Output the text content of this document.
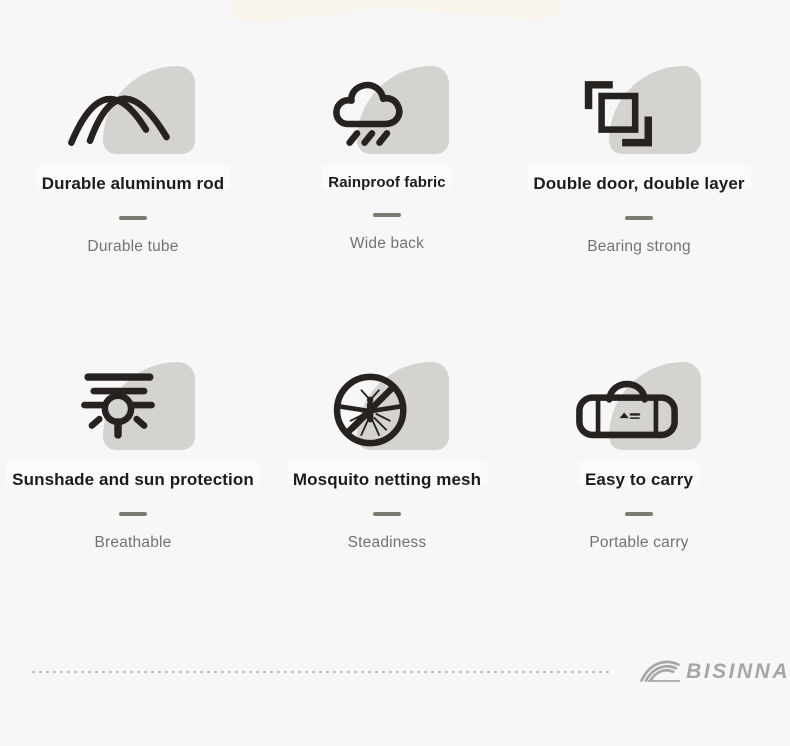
Durable aluminum rod
Durable tube
Rainproof fabric
Wide back
Double door, double layer
Bearing strong
Sunshade and sun protection
Breathable
Mosquito netting mesh
Steadiness
Easy to carry
Portable carry
BISINNA
